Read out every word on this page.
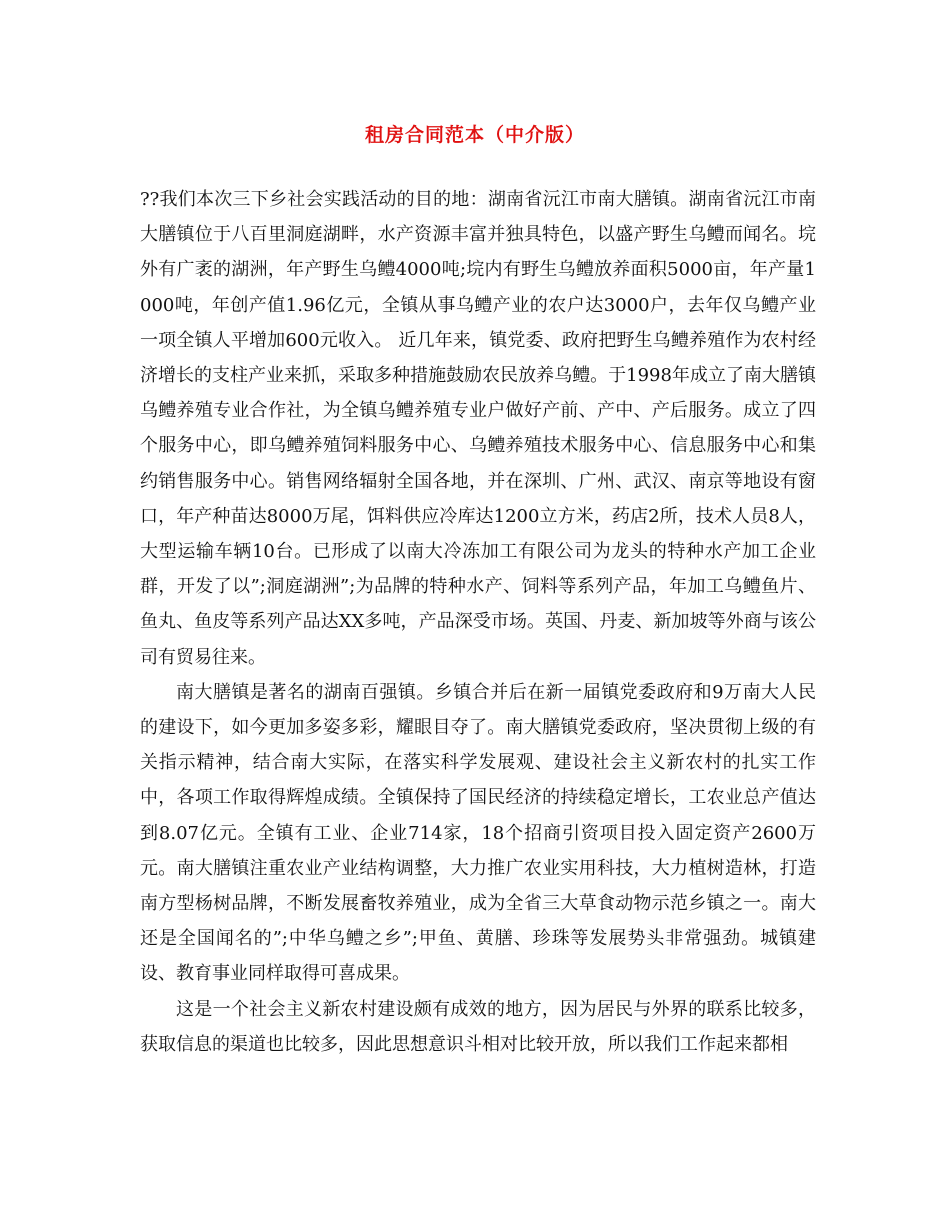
租房合同范本（中介版）

??我们本次三下乡社会实践活动的目的地：湖南省沅江市南大膳镇。湖南省沅江市南大膳镇位于八百里洞庭湖畔，水产资源丰富并独具特色，以盛产野生乌鳢而闻名。垸外有广袤的湖洲，年产野生乌鳢4000吨;垸内有野生乌鳢放养面积5000亩，年产量1000吨，年创产值1.96亿元，全镇从事乌鳢产业的农户达3000户，去年仅乌鳢产业一项全镇人平增加600元收入。 近几年来，镇党委、政府把野生乌鳢养殖作为农村经济增长的支柱产业来抓，采取多种措施鼓励农民放养乌鳢。于1998年成立了南大膳镇乌鳢养殖专业合作社，为全镇乌鳢养殖专业户做好产前、产中、产后服务。成立了四个服务中心，即乌鳢养殖饲料服务中心、乌鳢养殖技术服务中心、信息服务中心和集约销售服务中心。销售网络辐射全国各地，并在深圳、广州、武汉、南京等地设有窗口，年产种苗达8000万尾，饵料供应冷库达1200立方米，药店2所，技术人员8人，大型运输车辆10台。已形成了以南大冷冻加工有限公司为龙头的特种水产加工企业群，开发了以”;洞庭湖洲”;为品牌的特种水产、饲料等系列产品，年加工乌鳢鱼片、鱼丸、鱼皮等系列产品达XX多吨，产品深受市场。英国、丹麦、新加坡等外商与该公司有贸易往来。

南大膳镇是著名的湖南百强镇。乡镇合并后在新一届镇党委政府和9万南大人民的建设下，如今更加多姿多彩，耀眼目夺了。南大膳镇党委政府，坚决贯彻上级的有关指示精神，结合南大实际，在落实科学发展观、建设社会主义新农村的扎实工作中，各项工作取得辉煌成绩。全镇保持了国民经济的持续稳定增长，工农业总产值达到8.07亿元。全镇有工业、企业714家，18个招商引资项目投入固定资产2600万元。南大膳镇注重农业产业结构调整，大力推广农业实用科技，大力植树造林，打造南方型杨树品牌，不断发展畜牧养殖业，成为全省三大草食动物示范乡镇之一。南大还是全国闻名的”;中华乌鳢之乡”;甲鱼、黄膳、珍珠等发展势头非常强劲。城镇建设、教育事业同样取得可喜成果。

这是一个社会主义新农村建设颇有成效的地方，因为居民与外界的联系比较多，获取信息的渠道也比较多，因此思想意识斗相对比较开放，所以我们工作起来都相
